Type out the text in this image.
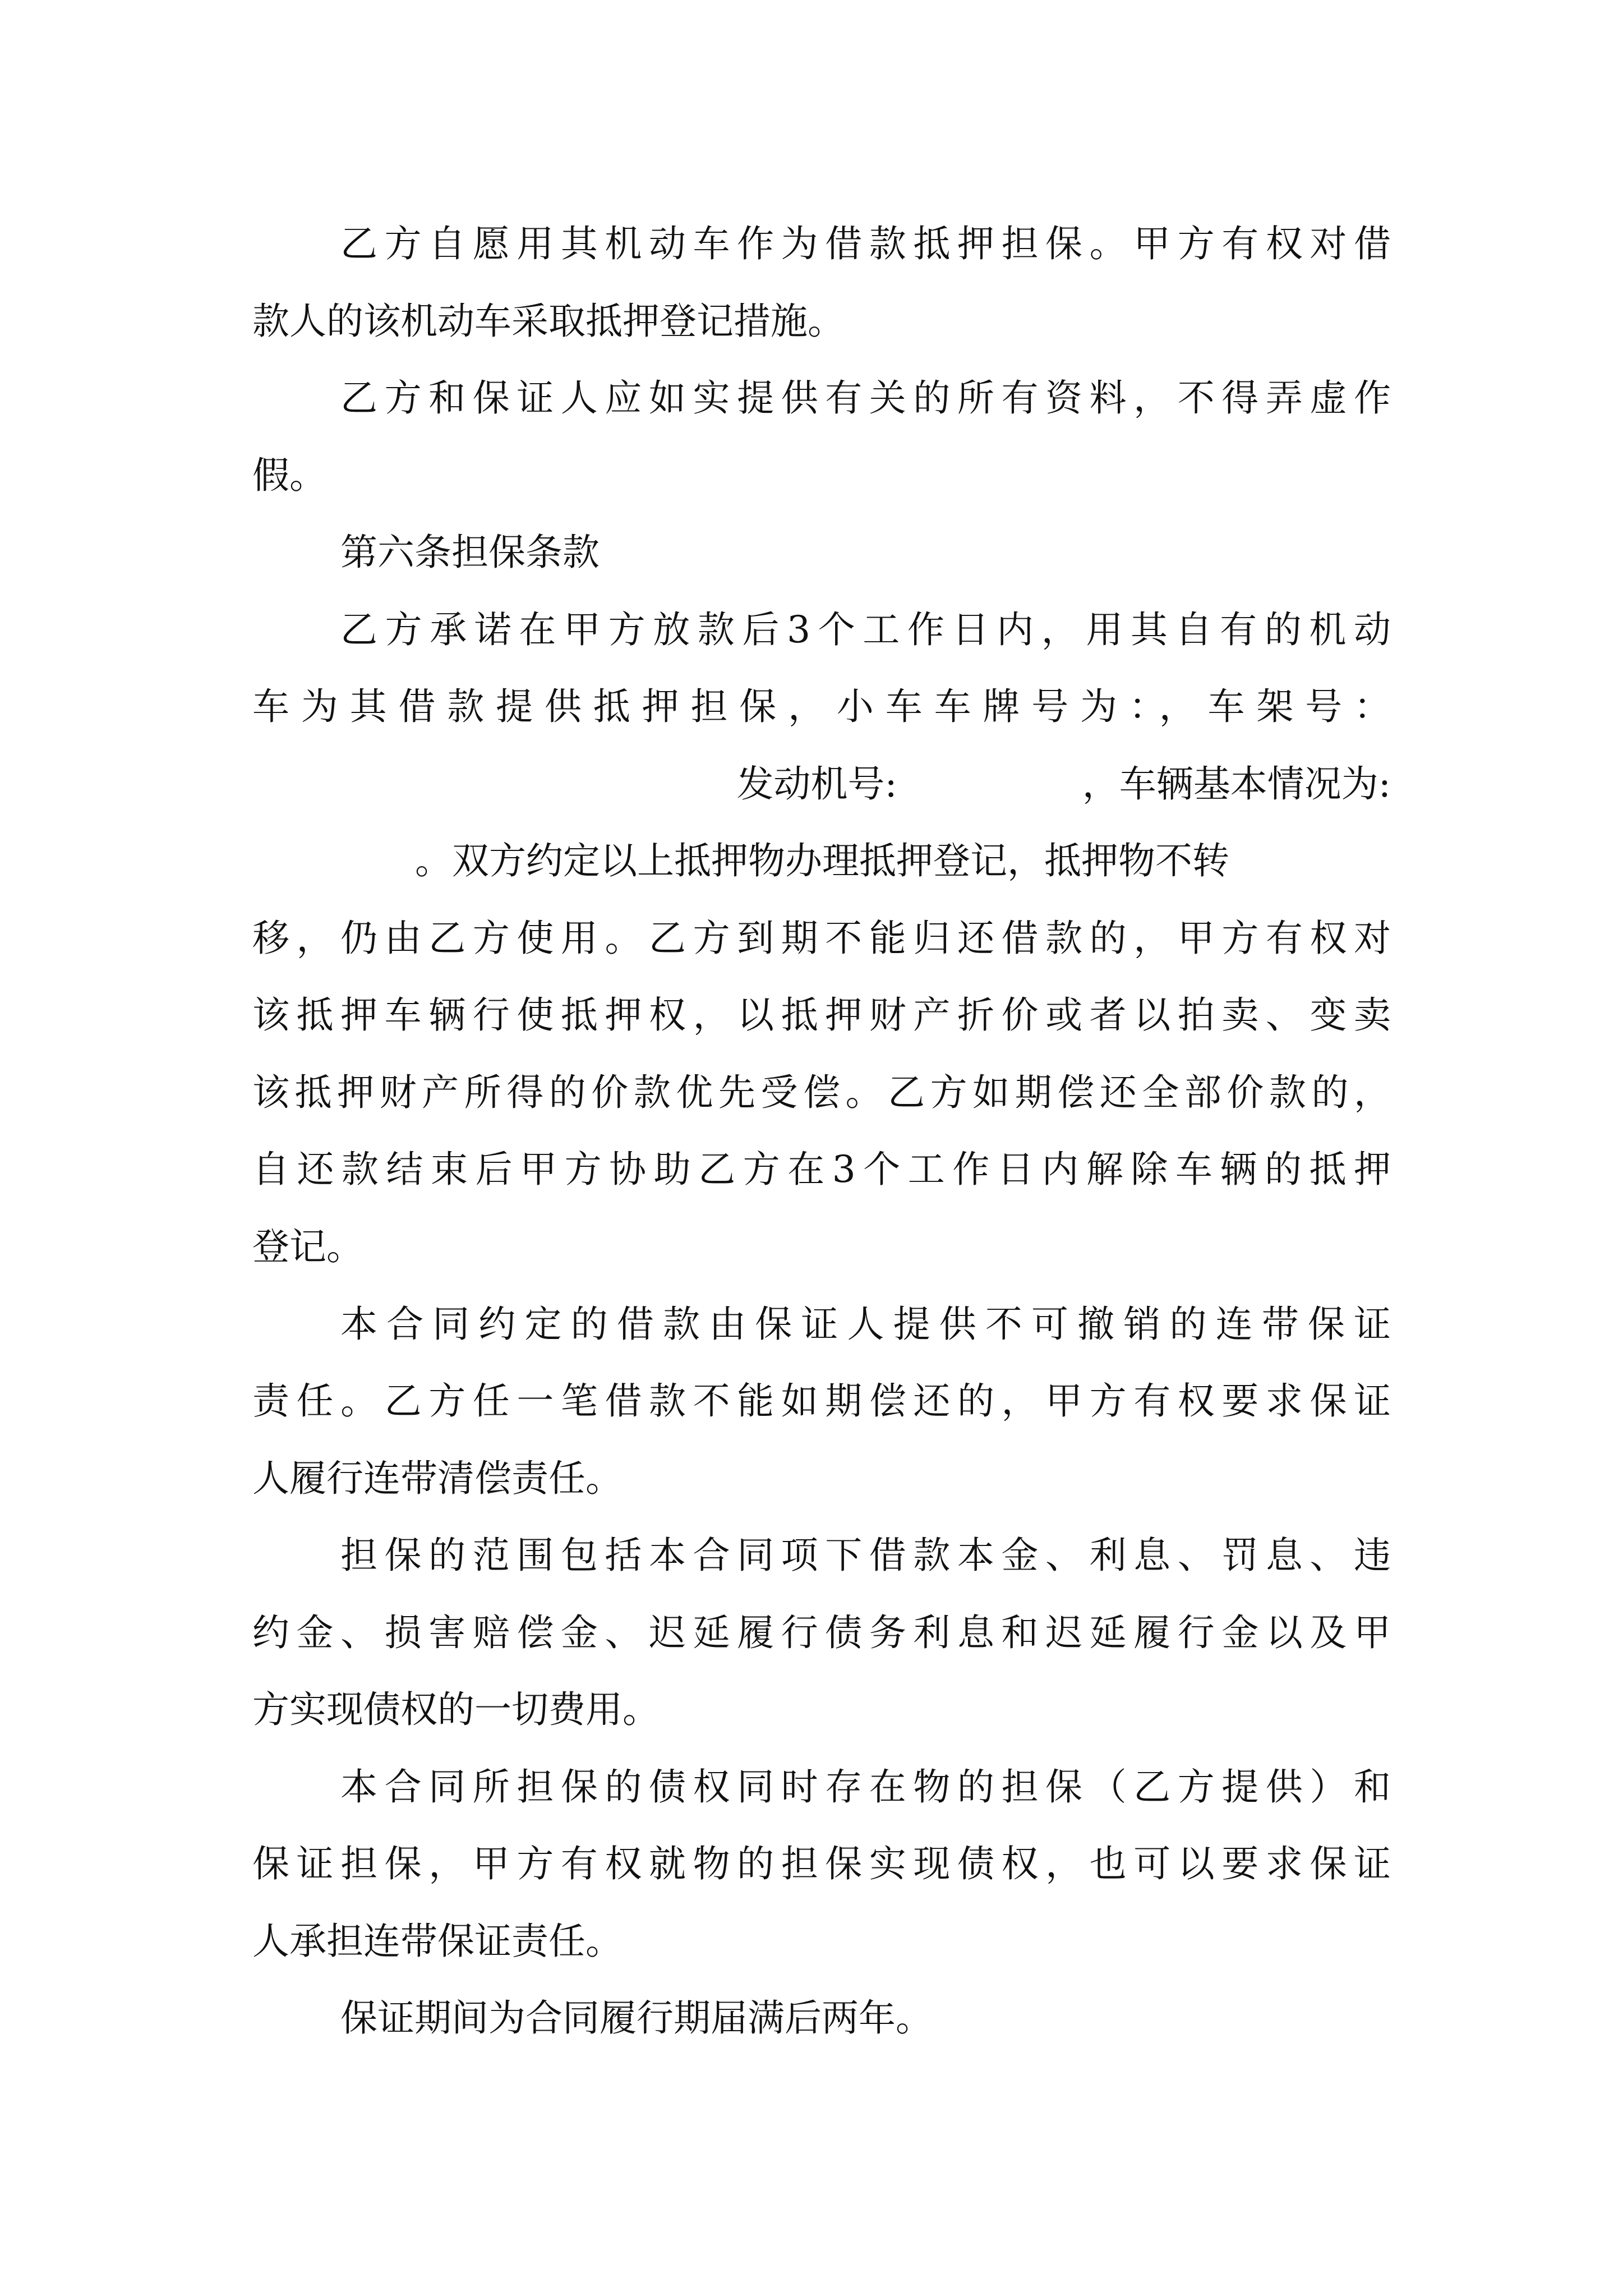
乙方自愿用其机动车作为借款抵押担保。甲方有权对借
款人的该机动车采取抵押登记措施。
乙方和保证人应如实提供有关的所有资料，不得弄虚作
假。
第六条担保条款
乙方承诺在甲方放款后3个工作日内，用其自有的机动
车为其借款提供抵押担保，小车车牌号为：，车架号：
发动机号:　　　　　，车辆基本情况为:
。双方约定以上抵押物办理抵押登记，抵押物不转
移，仍由乙方使用。乙方到期不能归还借款的，甲方有权对
该抵押车辆行使抵押权，以抵押财产折价或者以拍卖、变卖
该抵押财产所得的价款优先受偿。乙方如期偿还全部价款的，
自还款结束后甲方协助乙方在3个工作日内解除车辆的抵押
登记。
本合同约定的借款由保证人提供不可撤销的连带保证
责任。乙方任一笔借款不能如期偿还的，甲方有权要求保证
人履行连带清偿责任。
担保的范围包括本合同项下借款本金、利息、罚息、违
约金、损害赔偿金、迟延履行债务利息和迟延履行金以及甲
方实现债权的一切费用。
本合同所担保的债权同时存在物的担保（乙方提供）和
保证担保，甲方有权就物的担保实现债权，也可以要求保证
人承担连带保证责任。
保证期间为合同履行期届满后两年。
